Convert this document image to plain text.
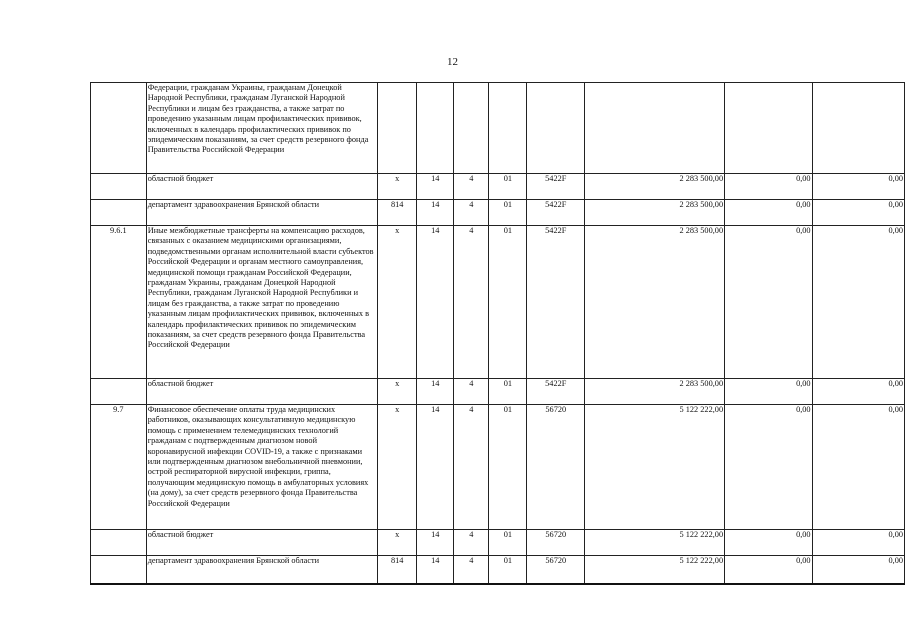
12
	Федерации, гражданам Украины, гражданам Донецкой Народной Республики, гражданам Луганской Народной Республики и лицам без гражданства, а также затрат по проведению указанным лицам профилактических прививок, включенных в календарь профилактических прививок по эпидемическим показаниям, за счет средств резервного фонда Правительства Российской Федерации								
	областной бюджет	х	14	4	01	5422F	2 283 500,00	0,00	0,00
	департамент здравоохранения Брянской области	814	14	4	01	5422F	2 283 500,00	0,00	0,00
9.6.1	Иные межбюджетные трансферты на компенсацию расходов, связанных с оказанием медицинскими организациями, подведомственными органам исполнительной власти субъектов Российской Федерации и органам местного самоуправления, медицинской помощи гражданам Российской Федерации, гражданам Украины, гражданам Донецкой Народной Республики, гражданам Луганской Народной Республики и лицам без гражданства, а также затрат по проведению указанным лицам профилактических прививок, включенных в календарь профилактических прививок по эпидемическим показаниям, за счет средств резервного фонда Правительства Российской Федерации	х	14	4	01	5422F	2 283 500,00	0,00	0,00
	областной бюджет	х	14	4	01	5422F	2 283 500,00	0,00	0,00
9.7	Финансовое обеспечение оплаты труда медицинских работников, оказывающих консультативную медицинскую помощь с применением телемедицинских технологий гражданам с подтвержденным диагнозом новой коронавирусной инфекции COVID-19, а также с признаками или подтвержденным диагнозом внебольничной пневмонии, острой респираторной вирусной инфекции, гриппа, получающим медицинскую помощь в амбулаторных условиях (на дому), за счет средств резервного фонда Правительства Российской Федерации	х	14	4	01	56720	5 122 222,00	0,00	0,00
	областной бюджет	х	14	4	01	56720	5 122 222,00	0,00	0,00
	департамент здравоохранения Брянской области	814	14	4	01	56720	5 122 222,00	0,00	0,00
